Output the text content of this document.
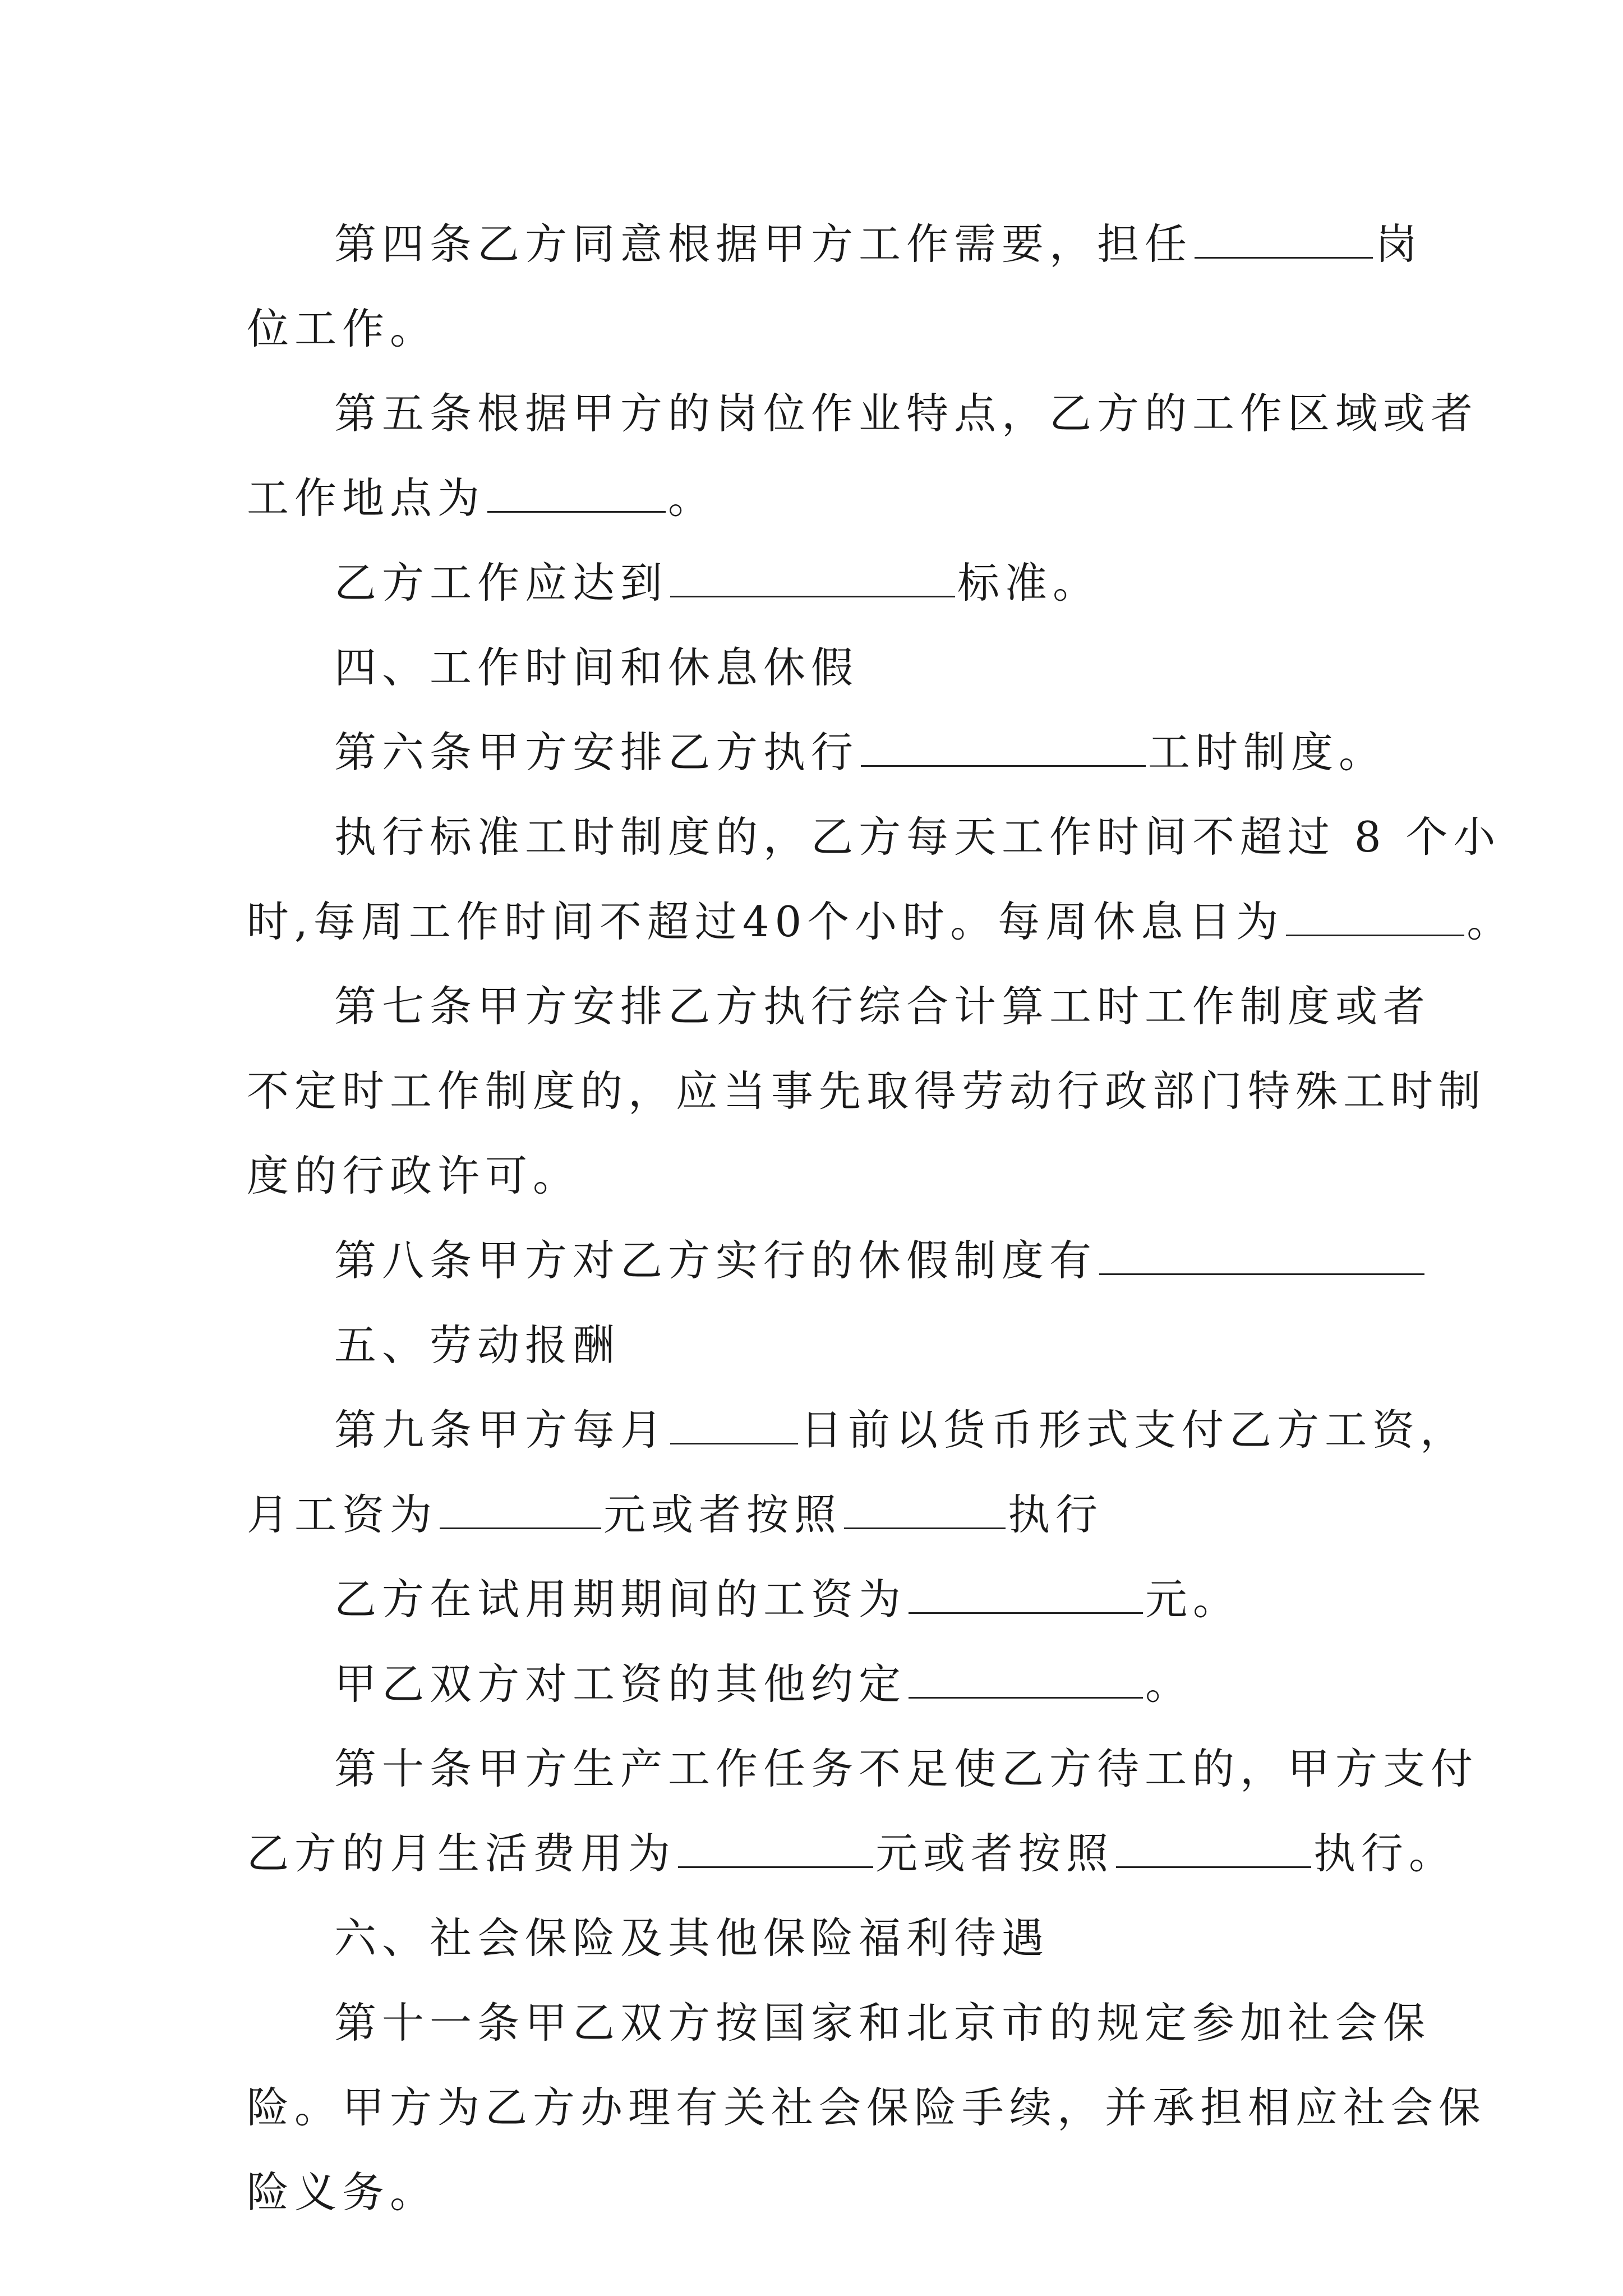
第四条乙方同意根据甲方工作需要，担任	岗

位工作。

第五条根据甲方的岗位作业特点，乙方的工作区域或者

工作地点为	。

乙方工作应达到	标准。

四、工作时间和休息休假

第六条甲方安排乙方执行	工时制度。

执行标准工时制度的，乙方每天工作时间不超过 8 个小

时,每周工作时间不超过40个小时。每周休息日为	。

第七条甲方安排乙方执行综合计算工时工作制度或者

不定时工作制度的，应当事先取得劳动行政部门特殊工时制

度的行政许可。

第八条甲方对乙方实行的休假制度有

五、劳动报酬

第九条甲方每月	日前以货币形式支付乙方工资，

月工资为	元或者按照	执行

乙方在试用期期间的工资为	元。

甲乙双方对工资的其他约定	。

第十条甲方生产工作任务不足使乙方待工的，甲方支付

乙方的月生活费用为	元或者按照	执行。

六、社会保险及其他保险福利待遇

第十一条甲乙双方按国家和北京市的规定参加社会保

险。甲方为乙方办理有关社会保险手续，并承担相应社会保

险义务。
